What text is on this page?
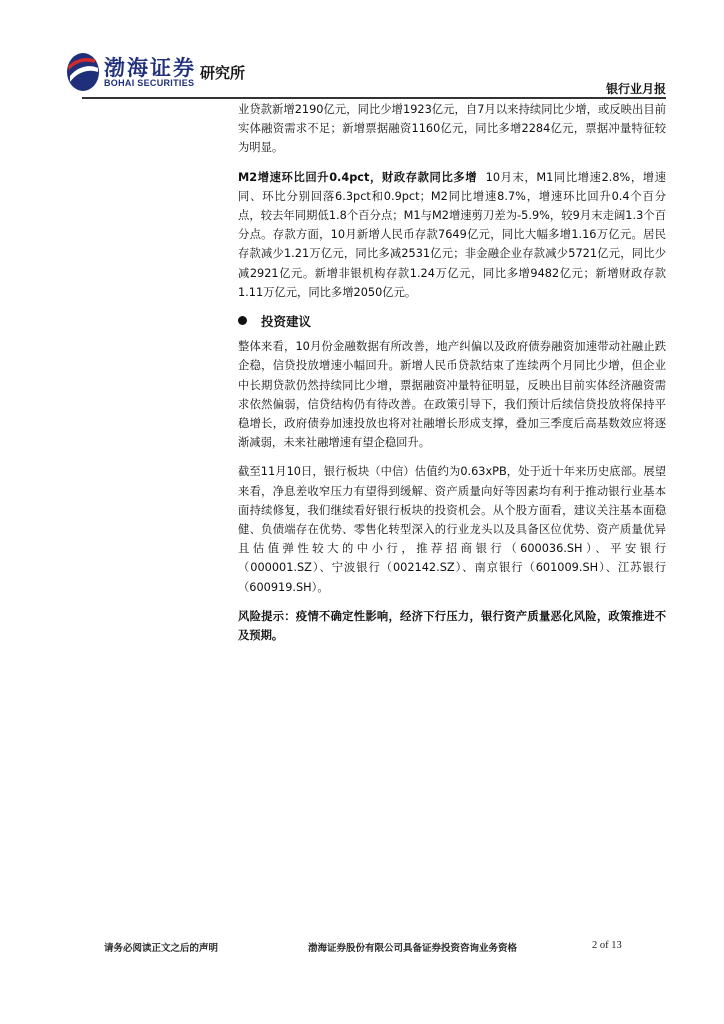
渤海证券
BOHAI SECURITIES
研究所
银行业月报

业贷款新增2190亿元，同比少增1923亿元，自7月以来持续同比少增，或反映出目前实体融资需求不足；新增票据融资1160亿元，同比多增2284亿元，票据冲量特征较为明显。

M2增速环比回升0.4pct，财政存款同比多增 10月末，M1同比增速2.8%，增速同、环比分别回落6.3pct和0.9pct；M2同比增速8.7%，增速环比回升0.4个百分点，较去年同期低1.8个百分点；M1与M2增速剪刀差为-5.9%，较9月末走阔1.3个百分点。存款方面，10月新增人民币存款7649亿元，同比大幅多增1.16万亿元。居民存款减少1.21万亿元，同比多减2531亿元；非金融企业存款减少5721亿元，同比少减2921亿元。新增非银机构存款1.24万亿元，同比多增9482亿元；新增财政存款1.11万亿元，同比多增2050亿元。

投资建议

整体来看，10月份金融数据有所改善，地产纠偏以及政府债券融资加速带动社融止跌企稳，信贷投放增速小幅回升。新增人民币贷款结束了连续两个月同比少增，但企业中长期贷款仍然持续同比少增，票据融资冲量特征明显，反映出目前实体经济融资需求依然偏弱，信贷结构仍有待改善。在政策引导下，我们预计后续信贷投放将保持平稳增长，政府债券加速投放也将对社融增长形成支撑，叠加三季度后高基数效应将逐渐减弱，未来社融增速有望企稳回升。

截至11月10日，银行板块（中信）估值约为0.63xPB，处于近十年来历史底部。展望来看，净息差收窄压力有望得到缓解、资产质量向好等因素均有利于推动银行业基本面持续修复，我们继续看好银行板块的投资机会。从个股方面看，建议关注基本面稳健、负债端存在优势、零售化转型深入的行业龙头以及具备区位优势、资产质量优异且估值弹性较大的中小行，推荐招商银行（600036.SH）、平安银行（000001.SZ）、宁波银行（002142.SZ）、南京银行（601009.SH）、江苏银行（600919.SH）。

风险提示：疫情不确定性影响，经济下行压力，银行资产质量恶化风险，政策推进不及预期。

请务必阅读正文之后的声明	渤海证券股份有限公司具备证券投资咨询业务资格	2 of 13
